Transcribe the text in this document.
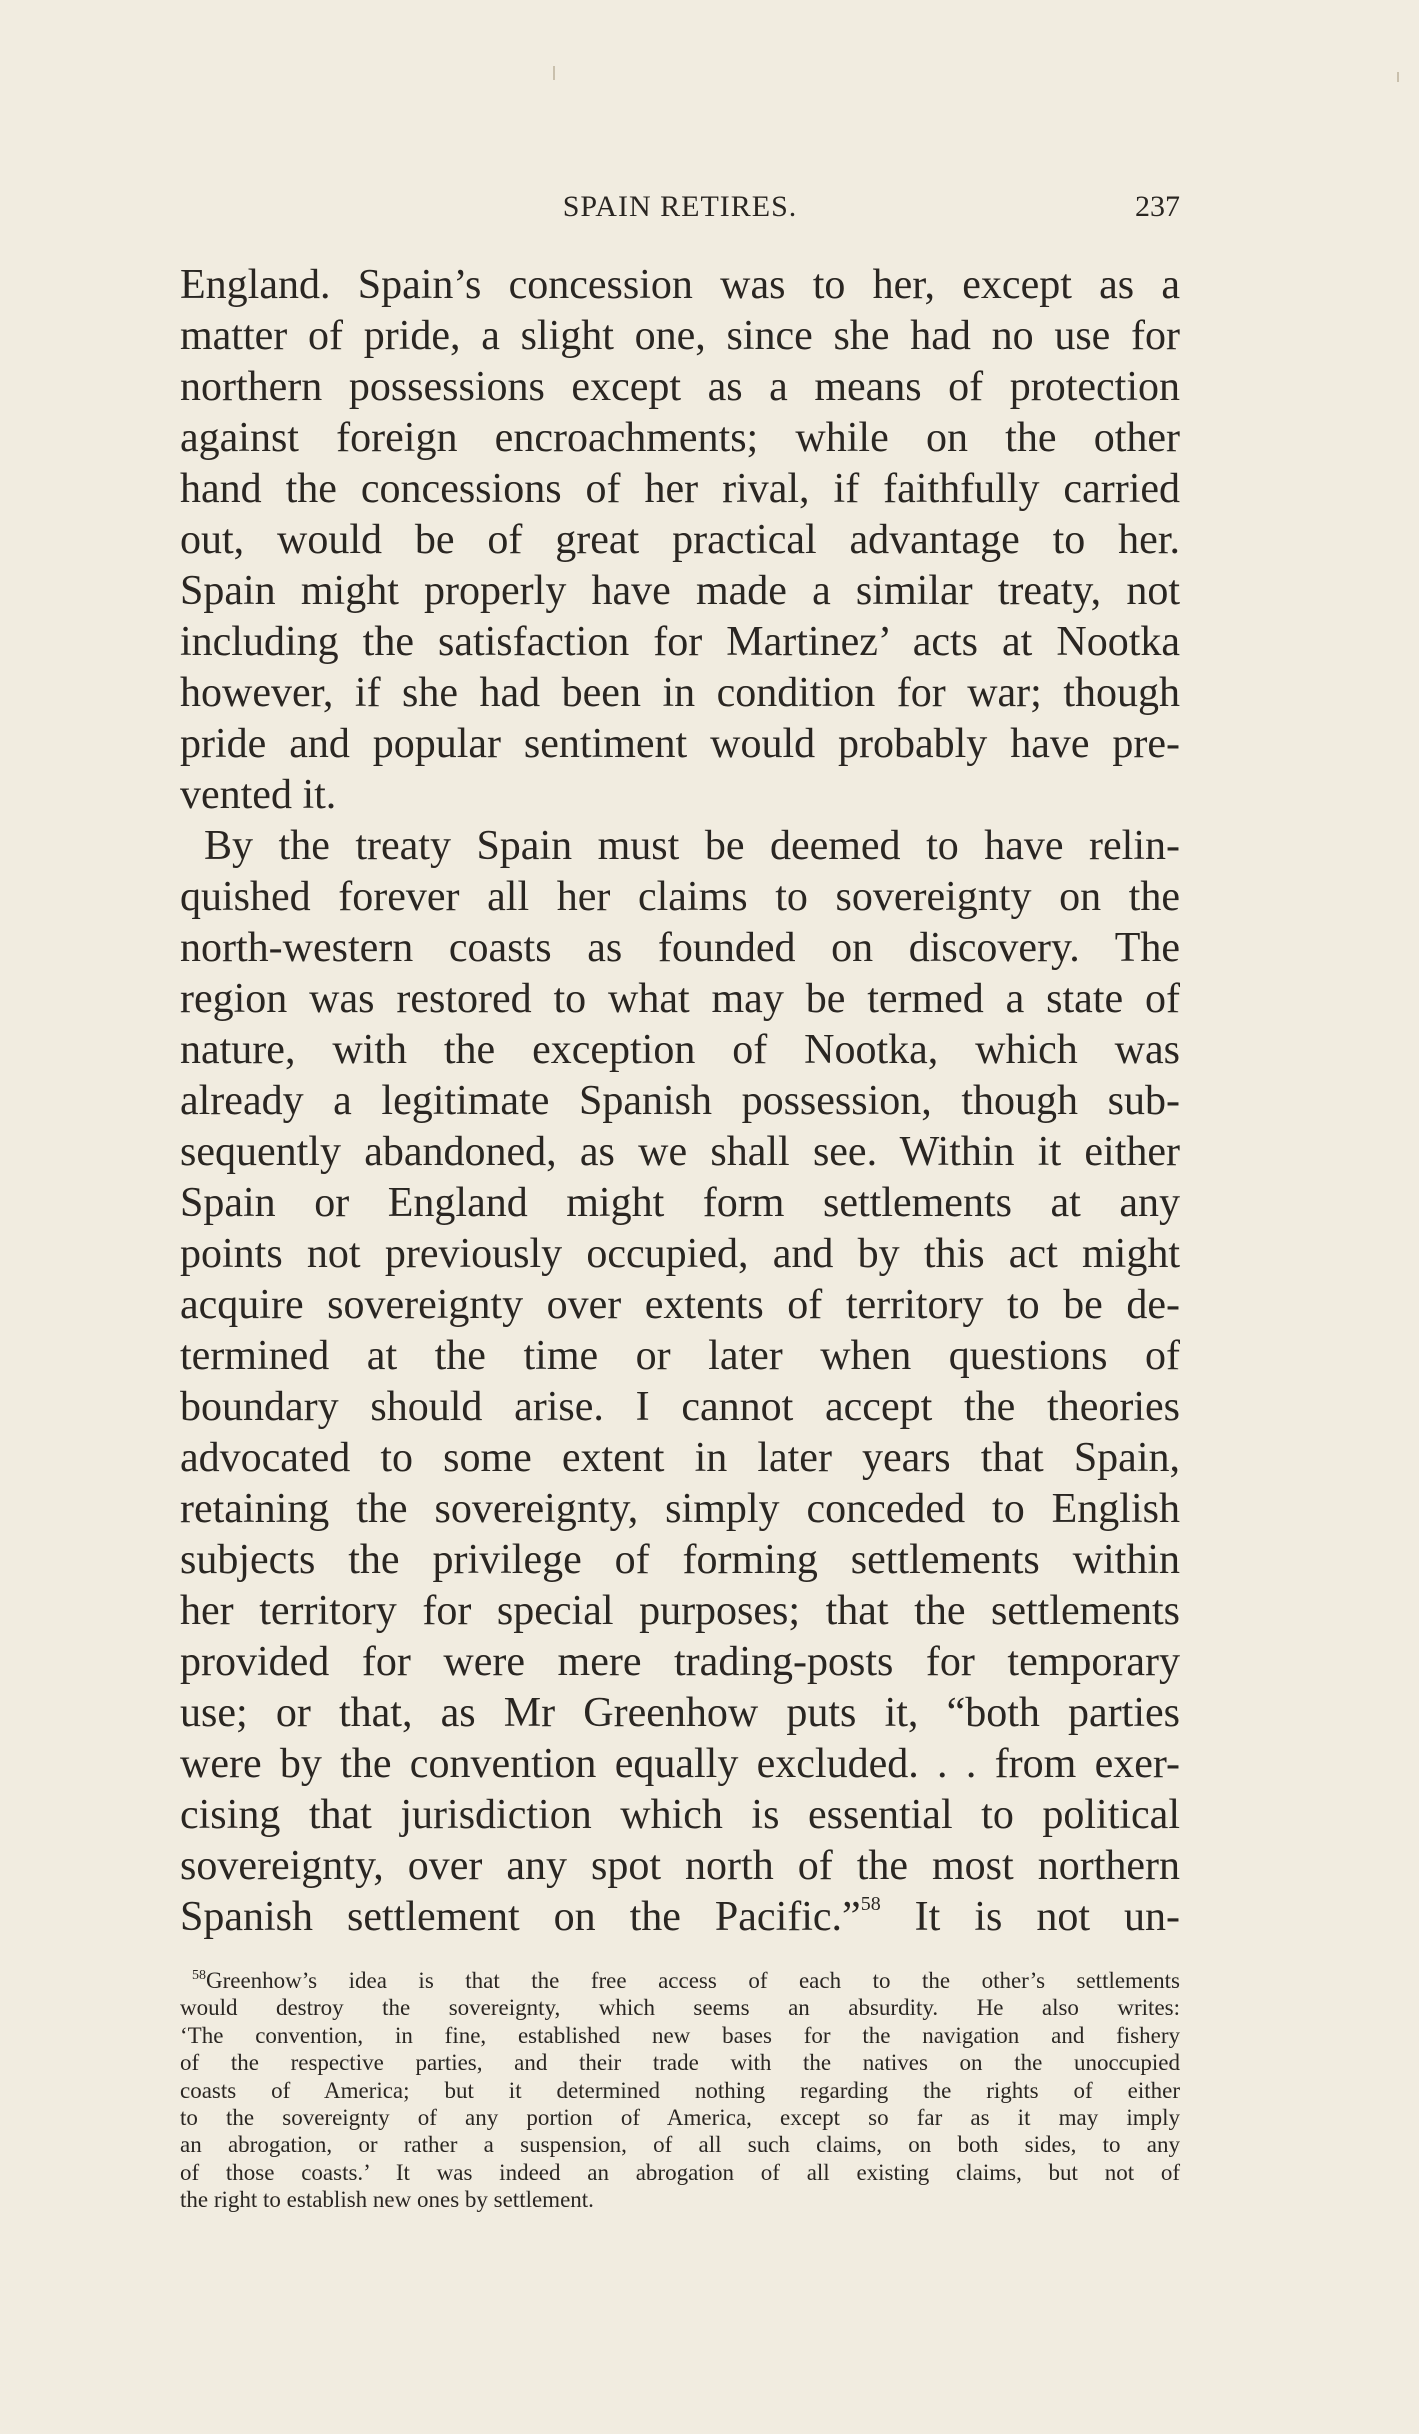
SPAIN RETIRES.	237
England. Spain’s concession was to her, except as a
matter of pride, a slight one, since she had no use for
northern possessions except as a means of protection
against foreign encroachments; while on the other
hand the concessions of her rival, if faithfully carried
out, would be of great practical advantage to her.
Spain might properly have made a similar treaty, not
including the satisfaction for Martinez’ acts at Nootka
however, if she had been in condition for war; though
pride and popular sentiment would probably have pre-
vented it.
By the treaty Spain must be deemed to have relin-
quished forever all her claims to sovereignty on the
north-western coasts as founded on discovery. The
region was restored to what may be termed a state of
nature, with the exception of Nootka, which was
already a legitimate Spanish possession, though sub-
sequently abandoned, as we shall see. Within it either
Spain or England might form settlements at any
points not previously occupied, and by this act might
acquire sovereignty over extents of territory to be de-
termined at the time or later when questions of
boundary should arise. I cannot accept the theories
advocated to some extent in later years that Spain,
retaining the sovereignty, simply conceded to English
subjects the privilege of forming settlements within
her territory for special purposes; that the settlements
provided for were mere trading-posts for temporary
use; or that, as Mr Greenhow puts it, “both parties
were by the convention equally excluded. . . from exer-
cising that jurisdiction which is essential to political
sovereignty, over any spot north of the most northern
Spanish settlement on the Pacific.”$^{58}$ It is not un-
$^{58}$Greenhow’s idea is that the free access of each to the other’s settlements
would destroy the sovereignty, which seems an absurdity. He also writes:
‘The convention, in fine, established new bases for the navigation and fishery
of the respective parties, and their trade with the natives on the unoccupied
coasts of America; but it determined nothing regarding the rights of either
to the sovereignty of any portion of America, except so far as it may imply
an abrogation, or rather a suspension, of all such claims, on both sides, to any
of those coasts.’ It was indeed an abrogation of all existing claims, but not of
the right to establish new ones by settlement.
